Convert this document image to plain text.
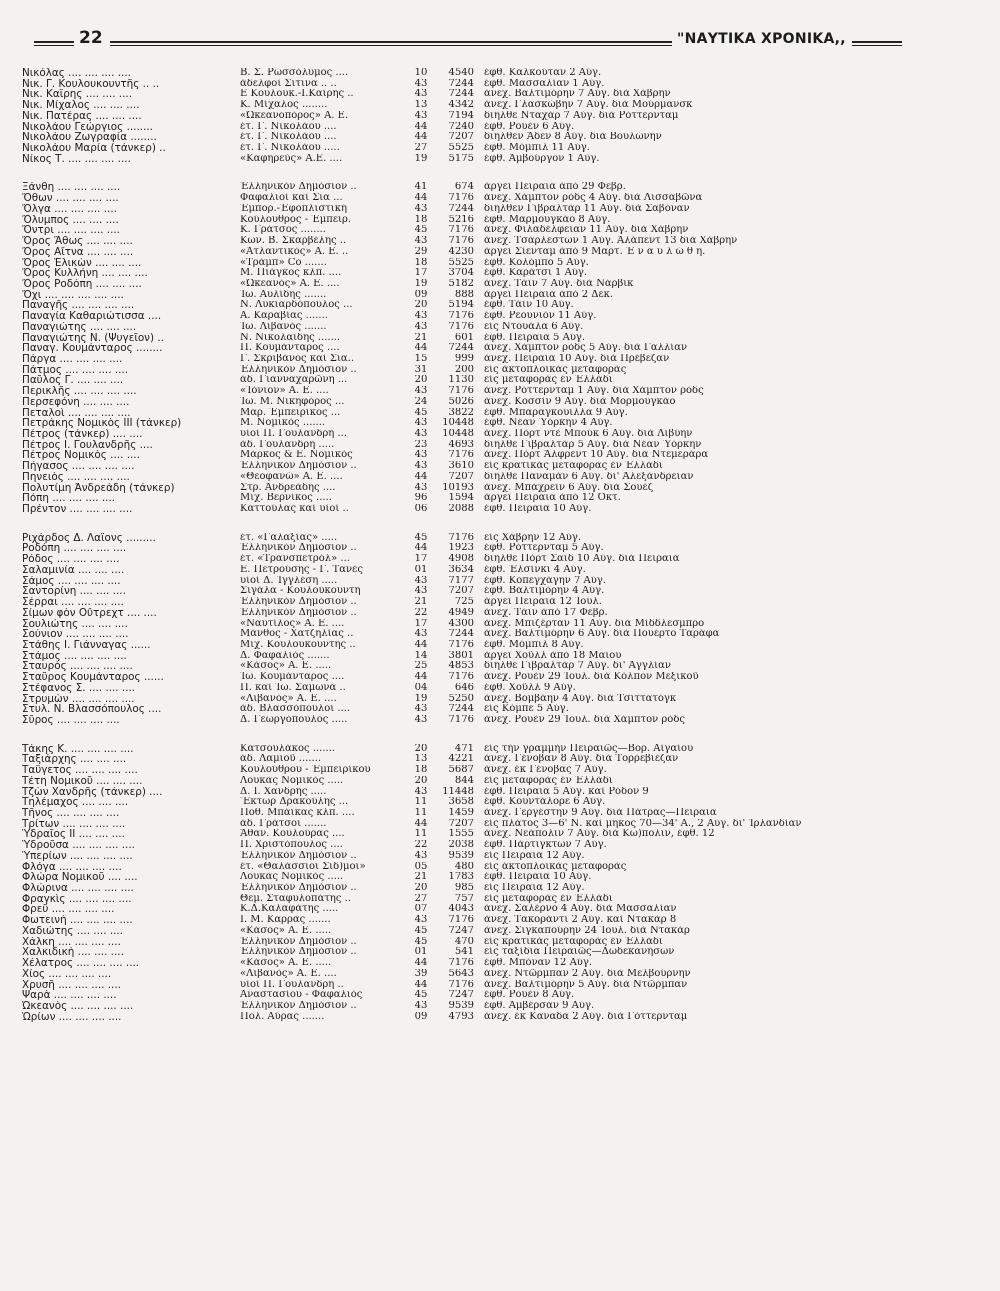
22	"ΝΑΥΤΙΚΑ ΧΡΟΝΙΚΑ,,
Νικόλας .... .... .... ....	Β. Σ. Ρωσσόλυμος ....	10	4540 ἐφθ. Καλκούταν 2 Αὐγ.
Νικ. Γ. Κουλουκουντῆς .. ..	ἀδελφοὶ Σιτινᾶ .. ..	43	7244 ἐφθ. Μασσαλίαν 1 Αὐγ.
Νικ. Καΐρης .... .... ....	Ε Κουλουκ.-Ι.Καΐρης ..	43	7244 ἀνεχ. Βαλτιμόρην 7 Αὐγ. διὰ Χάβρην
Νικ. Μίχαλος .... .... ....	Κ. Μίχαλος ........	13	4342 ἀνεχ. Γλασκώβην 7 Αὐγ. διὰ Μούρμανσκ
Νικ. Πατέρας .... .... ....	«Ὠκεανοπόρος» Α. Ε.	43	7194 διῆλθε Νταχάρ 7 Αὐγ. διὰ Ρόττερνταμ
Νικολάου Γεώργιος ........	ἐτ. Γ. Νικολάου ....	44	7240 ἐφθ. Ρουὲν 6 Αὐγ.
Νικολάου Ζωγραφία ........	ἐτ. Γ. Νικολάου ....	44	7207 διῆλθεν Ἄδεν 8 Αὐγ. διὰ Βουλώνην
Νικολάου Μαρία (τάνκερ) ..	ἐτ. Γ. Νικολάου .....	27	5525 ἐφθ. Μόμπιλ 11 Αὐγ.
Νίκος Τ. .... .... .... ....	«Καφηρεὺς» Α.Ε. ....	19	5175 ἐφθ. Ἀμβούργον 1 Αὐγ.
Ξάνθη .... .... .... ....	Ἑλληνικὸν Δημόσιον ..	41	674 ἀργεῖ Πειραιᾶ ἀπὸ 29 Φεβρ.
Ὄθων .... .... .... ....	Φαφαλιοὶ καὶ Σια ...	44	7176 ἀνεχ. Χάμπτον ρὸδς 4 Αὐγ. διὰ Λισσαβῶνα
Ὄλγα .... .... .... ....	Ἐμπορ.-Ἐφοπλιστική	43	7244 διῆλθεν Γιβραλτὰρ 11 Αὐγ. διὰ Σαβόναν
Ὄλυμπος .... .... ....	Κούλουθρος - Ἐμπειρ.	18	5216 ἐφθ. Μαρμουγκάο 8 Αὐγ.
Ὄντρι .... .... .... ....	Κ. Γράτσος ........	45	7176 ἀνεχ. Φιλαδέλφειαν 11 Αὐγ. διὰ Χάβρην
Ὄρος Ἄθως .... .... ....	Κων. Β. Σκαρβέλης ..	43	7176 ἀνεχ. Τσάρλεστων 1 Αὐγ. Ἀλάπεντ 13 διὰ Χάβρην
Ὄρος Αἴτνα .... .... ....	«Ἀτλαντικὸς» Α. Ε. ..	29	4230 ἀργεῖ Σίενταμ ἀπὸ 9 Μαρτ. Ἐ ν α υ λ ώ θ η.
Ὄρος Ἑλικὼν .... .... ....	«Τράμπ» Co .......	18	5525 ἐφθ. Κολόμπο 5 Αὐγ.
Ὄρος Κυλλήνη .... .... ....	Μ. Πιάγκος κλπ. ....	17	3704 ἐφθ. Καράτσι 1 Αὐγ.
Ὄρος Ροδόπη .... .... ....	«Ὠκεανὸς» Α. Ε. ....	19	5182 ἀνεχ. Τάϊν 7 Αὐγ. διὰ Νάρβικ
Ὄχι .... .... .... .... ....	Ἰω. Αυλίδης .......	09	888 ἀργεῖ Πειραιᾶ ἀπὸ 2 Δεκ.
Παναγῆς .... .... .... ....	Ν. Λυκιαρδόπουλος ...	20	5194 ἐφθ. Τάϊν 10 Αὐγ.
Παναγία Καθαριώτισσα ....	Α. Καραβίας .......	43	7176 ἐφθ. Ρεουνιὸν 11 Αὐγ.
Παναγιώτης .... .... ....	Ἰω. Λιβανὸς .......	43	7176 εἰς Ντουάλα 6 Αὐγ.
Παναγιώτης Ν. (Ψυγεῖον) ..	Ν. Νικολαΐδης .......	21	601 ἐφθ. Πειραιᾶ 5 Αὐγ.
Παναγ. Κουμάνταρος ........	Π. Κουμάνταρος ....	44	7244 ἀνεχ. Χάμπτον ρὸδς 5 Αὐγ. διὰ Γαλλίαν
Πάργα .... .... .... ....	Γ. Σκριβάνος καὶ Σια..	15	999 ἀνεχ. Πειραιᾶ 10 Αὐγ. διὰ Πρέβεζαν
Πάτμος .... .... .... ....	Ἑλληνικὸν Δημόσιον ..	31	200 εἰς ἀκτοπλοϊκὰς μεταφορὰς
Παῦλος Γ. .... .... ....	ἀδ. Γιανναχαρῶνη ...	20	1130 εἰς μεταφορὰς ἐν Ἑλλάδι
Περικλῆς .... .... .... ....	«Ἰόνιον» Α. Ε. ....	43	7176 ἀνεχ. Ρόττερνταμ 1 Αὐγ. διὰ Χάμπτον ρὸδς
Περσεφόνη .... .... ....	Ἰω. Μ. Νικηφόρος ...	24	5026 ἀνεχ. Κοσσὶν 9 Αὐγ. διὰ Μορμουγκάο
Πεταλοὶ .... .... .... ....	Μαρ. Ἐμπειρῖκος ...	45	3822 ἐφθ. Μπαραγκουΐλλα 9 Αὐγ.
Πετράκης Νομικὸς ΙΙΙ (τάνκερ)	Μ. Νομικὸς .......	43	10448 ἐφθ. Νέαν Ὑόρκην 4 Αὐγ.
Πέτρος (τάνκερ) .... ....	υἱοὶ Π. Γουλανδρῆ ...	43	10448 ἀνεχ. Πὸρτ ντὲ Μπούκ 6 Αὐγ. διὰ Λιβύην
Πέτρος Ι. Γουλανδρῆς ....	ἀδ. Γουλανδρῆ .....	23	4693 διῆλθε Γιβραλτὰρ 5 Αὐγ. διὰ Νέαν Ὑόρκην
Πέτρος Νομικὸς .... ....	Μάρκος & Ε. Νομικὸς	43	7176 ἀνεχ. Πὸρτ Ἄλφρεντ 10 Αὐγ. διὰ Ντεμεράρα
Πήγασος .... .... .... ....	Ἑλληνικὸν Δημόσιον ..	43	3610 εἰς κρατικὰς μεταφορὰς ἐν Ἑλλάδι
Πηνειὸς .... .... .... ....	«Θεοφανὼ» Α. Ε. ....	44	7207 διῆλθε Παναμὰν 6 Αὐγ. δι' Ἀλεξάνδρειαν
Πολυτίμη Ἀνδρεάδη (τάνκερ)	Στρ. Ἀνδρεάδης ....	43	10193 ἀνεχ. Μπάχρεϊν 6 Αὐγ. διὰ Σουέζ
Πόπη .... .... .... ....	Μιχ. Βερνίκος .....	96	1594 ἀργεῖ Πειραιᾶ ἀπὸ 12 Ὀκτ.
Πρέντον .... .... .... ....	Καττούλας καὶ υἱοὶ ..	06	2088 ἐφθ. Πειραιᾶ 10 Αὐγ.
Ριχάρδος Δ. Λαΐονς .........	ἐτ. «Γαλαξίας» .....	45	7176 εἰς Χάβρην 12 Αὐγ.
Ροδόπη .... .... .... ....	Ἑλληνικὸν Δημόσιον ..	44	1923 ἐφθ. Ρόττερνταμ 5 Αὐγ.
Ρόδος .... .... .... ....	ἐτ. «Τρανσπετρόλ» ...	17	4908 διῆλθε Πὸρτ Σαῒδ 10 Αὐγ. διὰ Πειραιᾶ
Σαλαμινία .... .... ....	Ε. Πετρούσης - Γ. Τανὲς	01	3634 ἐφθ. Ἐλσίνκι 4 Αὐγ.
Σάμος .... .... .... ....	υἱοὶ Δ. Ἰγγλέση .....	43	7177 ἐφθ. Κοπεγχάγην 7 Αὐγ.
Σαντορίνη .... .... ....	Σιγάλα - Κουλουκουντῆ	43	7207 ἐφθ. Βαλτιμόρην 4 Αὐγ.
Σέρραι .... .... .... ....	Ἑλληνικὸν Δημόσιον ..	21	725 ἀργεῖ Πειραιᾶ 12 Ἰουλ.
Σίμων φὸν Οὔτρεχτ .... ....	Ἑλληνικὸν Δημόσιον ..	22	4949 ἀνεχ. Τάϊν ἀπὸ 17 Φεβρ.
Σουλιώτης .... .... ....	«Ναυτίλος» Α. Ε. ....	17	4300 ἀνεχ. Μπιζέρταν 11 Αὐγ. διὰ Μίδδλεσμπρο
Σούνιον .... .... .... ....	Μάνθος - Χατζηλίας ..	43	7244 ἀνεχ. Βαλτιμόρην 6 Αὐγ. διὰ Πουέρτο Ταράφα
Στάθης Ι. Γιάνναγας ......	Μιχ. Κουλουκουντῆς ..	44	7176 ἐφθ. Μόμπιλ 8 Αὐγ.
Στάμος .... .... .... ....	Δ. Φαφαλιὸς .......	14	3801 ἀργεῖ Χοῦλλ ἀπὸ 18 Μαΐου
Σταυρὸς .... .... .... ....	«Κάσος» Α. Ε. .....	25	4853 διῆλθε Γιβραλτὰρ 7 Αὐγ. δι' Ἀγγλίαν
Σταῦρος Κουμάνταρος ......	Ἰω. Κουμάνταρος ....	44	7176 ἀνεχ. Ρουὲν 29 Ἰουλ. διὰ Κόλπον Μεξικοῦ
Στέφανος Σ. .... .... ....	Π. καὶ Ἰω. Σαμωνᾶ ..	04	646 ἐφθ. Χοῦλλ 9 Αὐγ.
Στρυμὼν .... .... .... ....	«Λιβανὸς» Α. Ε. ....	19	5250 ἀνεχ. Βομβάην 4 Αὐγ. διὰ Τσιττατόγκ
Στυλ. Ν. Βλασσόπουλος ....	ἀδ. Βλασσόπουλοι ....	43	7244 εἰς Κόμπε 5 Αὐγ.
Σῦρος .... .... .... ....	Δ. Γεωργόπουλος .....	43	7176 ἀνεχ. Ρουὲν 29 Ἰουλ. διὰ Χάμπτον ρὸδς
Τάκης Κ. .... .... .... ....	Κατσουλάκος .......	20	471 εἰς τὴν γραμμὴν Πειραιῶς—Βορ. Αἰγαίου
Ταξιάρχης .... .... ....	ἀδ. Λαμιοῦ .......	13	4221 ἀνεχ. Γένοβαν 8 Αὐγ. διὰ Τορρεβιέζαν
Ταΰγετος .... .... .... ....	Κουλούθρου - Ἐμπειρίκου	18	5687 ἀνεχ. ἐκ Γένοβας 7 Αὐγ.
Τέτη Νομικοῦ .... .... ....	Λουκᾶς Νομικὸς .....	20	844 εἰς μεταφορὰς ἐν Ἑλλάδι
Τζὼν Χανδρῆς (τάνκερ) ....	Δ. Ι. Χανδρῆς .....	43	11448 ἐφθ. Πειραιᾶ 5 Αὐγ. καὶ Ρόδον 9
Τηλέμαχος .... .... ....	Ἕκτωρ Δρακούλης ...	11	3658 ἐφθ. Κουντάλορε 6 Αὐγ.
Τῆνος .... .... .... ....	Ποθ. Μπάϊκας κλπ. ....	11	1459 ἀνεχ. Γεργέστην 9 Αὐγ. διὰ Πάτρας—Πειραιᾶ
Τρίτων .... .... .... ....	ἀδ. Γράτσοι .......	44	7207 εἰς πλάτος 3—6' Ν. καὶ μῆκος 70—34' Α., 2 Αὐγ. δι' Ἰρλανδίαν
Ὑδραῖος ΙΙ .... .... ....	Ἄθαν. Κουλούρας ....	11	1555 ἀνεχ. Νεάπολιν 7 Αὐγ. διὰ Κω)πολιν, ἐφθ. 12
Ὑδροῦσα .... .... .... ....	Π. Χριστόπουλος ....	22	2038 ἐφθ. Πάρτιγκτων 7 Αὐγ.
Ὑπερίων .... .... .... ....	Ἑλληνικὸν Δημόσιον ..	43	9539 εἰς Πειραιᾶ 12 Αὐγ.
Φλόγα .... .... .... ....	ἐτ. «Θαλάσσιοι Σιδ)μοι»	05	480 εἰς ἀκτοπλοϊκὰς μεταφορὰς
Φλώρα Νομικοῦ .... ....	Λουκᾶς Νομικὸς .....	21	1783 ἐφθ. Πειραιᾶ 10 Αὐγ.
Φλώρινα .... .... .... ....	Ἑλληνικὸν Δημόσιον ..	20	985 εἰς Πειραιᾶ 12 Αὐγ.
Φραγκὶς .... .... .... ....	Θεμ. Σταφυλοπάτης ..	27	757 εἰς μεταφορὰς ἐν Ἑλλάδι
Φρεῦ .... .... .... ....	Κ.Δ.Καλαφάτης .....	07	4043 ἀνεχ. Σαλέρνο 4 Αὐγ. διὰ Μασσαλίαν
Φωτεινὴ .... .... .... ....	Ι. Μ. Καρρᾶς .......	43	7176 ἀνεχ. Τακοράντι 2 Αὐγ. καὶ Ντακὰρ 8
Χαδιώτης .... .... ....	«Κάσος» Α. Ε. .....	45	7247 ἀνεχ. Σιγκαπούρην 24 Ἰουλ. διὰ Ντακὰρ
Χάλκη .... .... .... ....	Ἑλληνικὸν Δημόσιον ..	45	470 εἰς κρατικὰς μεταφορὰς ἐν Ἑλλάδι
Χαλκιδικὴ .... .... ....	Ἑλληνικὸν Δημόσιον ..	01	541 εἰς ταξίδια Πειραιῶς—Δωδεκανήσων
Χέλατρος .... .... .... ....	«Κάσος» Α. Ε. .....	44	7176 ἐφθ. Μπόναν 12 Αὐγ.
Χίος .... .... .... ....	«Λιβανὸς» Α. Ε. ....	39	5643 ἀνεχ. Ντῶρμπαν 2 Αὐγ. διὰ Μελβούρνην
Χρυσῆ .... .... .... ....	υἱοὶ Π. Γουλανδρῆ ..	44	7176 ἀνεχ. Βαλτιμόρην 5 Αὐγ. διὰ Ντῶρμπαν
Ψαρὰ .... .... .... ....	Ἀναστασίου - Φαφαλιὸς	45	7247 ἐφθ. Ρουὲν 8 Αὐγ.
Ὠκεανὸς .... .... .... ....	Ἑλληνικὸν Δημόσιον ..	43	9539 ἐφθ. Ἀμβέρσαν 9 Αὐγ.
Ὡρίων .... .... .... ....	Πολ. Αὔρας .......	09	4793 ἀνεχ. ἐκ Καναδᾶ 2 Αὐγ. διὰ Γόττερνταμ
